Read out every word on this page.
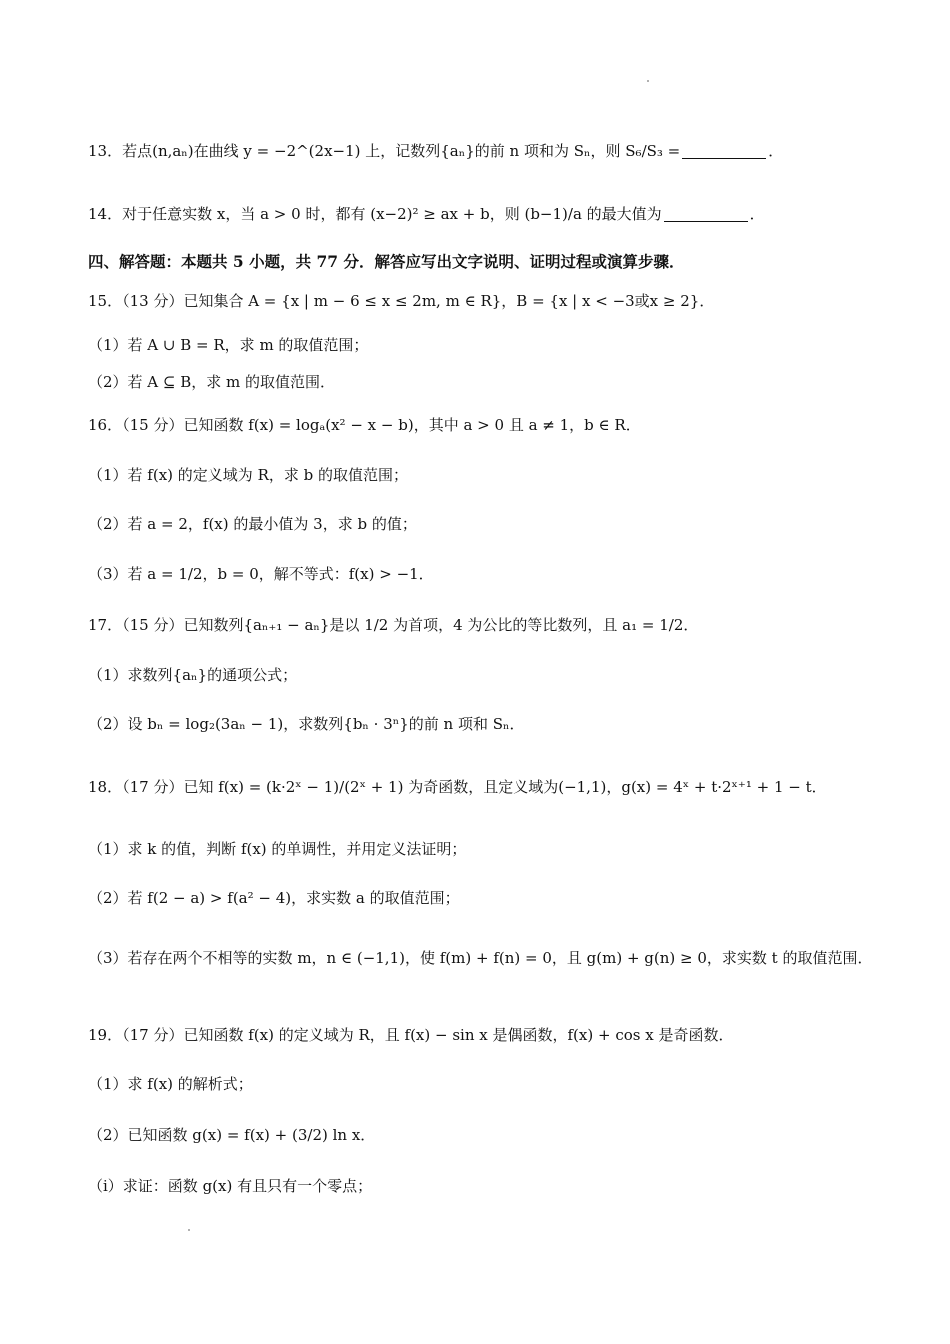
13．若点(n,aₙ)在曲线 y = −2^(2x−1) 上，记数列{aₙ}的前 n 项和为 Sₙ，则 S₆/S₃ =	．
14．对于任意实数 x，当 a > 0 时，都有 (x−2)² ≥ ax + b，则 (b−1)/a 的最大值为	．
四、解答题：本题共 5 小题，共 77 分．解答应写出文字说明、证明过程或演算步骤．
15．（13 分）已知集合 A = {x | m − 6 ≤ x ≤ 2m, m ∈ R}，B = {x | x < −3或x ≥ 2}．
（1）若 A ∪ B = R，求 m 的取值范围；
（2）若 A ⊆ B，求 m 的取值范围．
16．（15 分）已知函数 f(x) = logₐ(x² − x − b)，其中 a > 0 且 a ≠ 1，b ∈ R．
（1）若 f(x) 的定义域为 R，求 b 的取值范围；
（2）若 a = 2，f(x) 的最小值为 3，求 b 的值；
（3）若 a = 1/2，b = 0，解不等式：f(x) > −1．
17．（15 分）已知数列{aₙ₊₁ − aₙ}是以 1/2 为首项，4 为公比的等比数列，且 a₁ = 1/2．
（1）求数列{aₙ}的通项公式；
（2）设 bₙ = log₂(3aₙ − 1)，求数列{bₙ · 3ⁿ}的前 n 项和 Sₙ．
18．（17 分）已知 f(x) = (k·2ˣ − 1)/(2ˣ + 1) 为奇函数，且定义域为(−1,1)，g(x) = 4ˣ + t·2ˣ⁺¹ + 1 − t．
（1）求 k 的值，判断 f(x) 的单调性，并用定义法证明；
（2）若 f(2 − a) > f(a² − 4)，求实数 a 的取值范围；
（3）若存在两个不相等的实数 m，n ∈ (−1,1)，使 f(m) + f(n) = 0，且 g(m) + g(n) ≥ 0，求实数 t 的取值范围．
19．（17 分）已知函数 f(x) 的定义域为 R，且 f(x) − sin x 是偶函数，f(x) + cos x 是奇函数．
（1）求 f(x) 的解析式；
（2）已知函数 g(x) = f(x) + (3/2) ln x．
（ⅰ）求证：函数 g(x) 有且只有一个零点；
